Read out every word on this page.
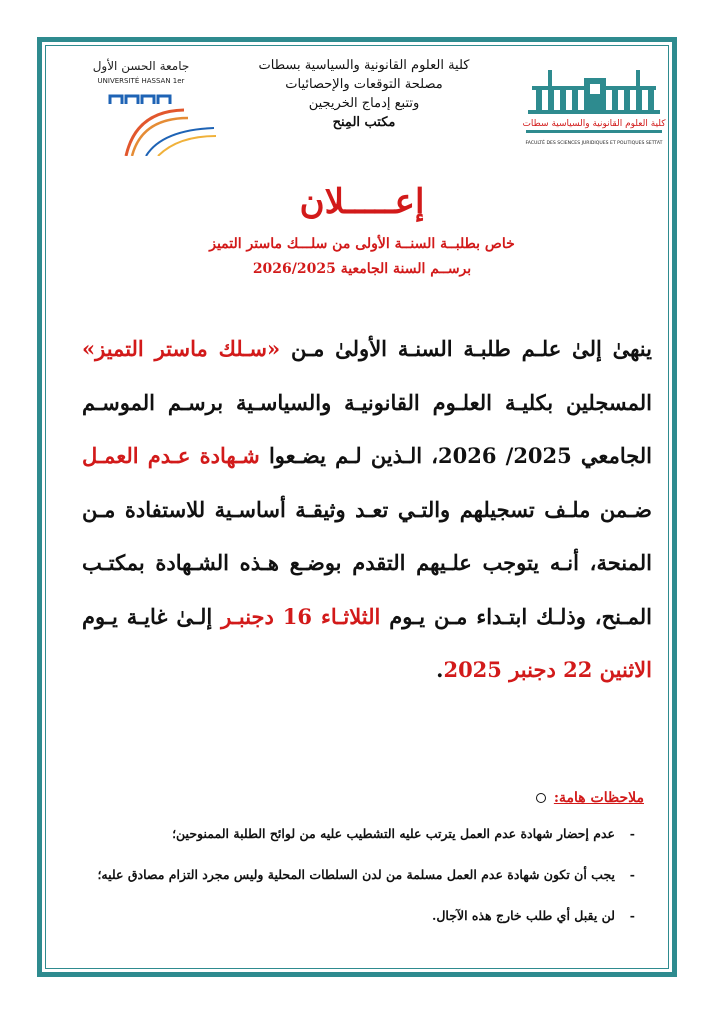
جامعة الحسن الأول
UNIVERSITÉ HASSAN 1er
كلية العلوم القانونية والسياسية بسطات
مصلحة التوقعات والإحصائيات
وتتبع إدماج الخريجين
مكتب المِنح	كلية العلوم القانونية والسياسية سطات
FACULTÉ DES SCIENCES JURIDIQUES ET POLITIQUES SETTAT
إعـــــلان
خاص بطلبــة السنــة الأولى من سلـــك ماستر التميز
برســم السنة الجامعية 2026/2025
ينهىٰ إلىٰ علـم طلبـة السنـة الأولىٰ مـن «سـلك ماستر التميز»
المسجلين بكليـة العلـوم القانونيـة والسياسـية برسـم الموسـم
الجامعي 2025/ 2026، الـذين لـم يضـعوا شـهادة عـدم العمـل
ضـمن ملـف تسجيلهم والتـي تعـد وثيقـة أساسـية للاستفادة مـن
المنحة، أنـه يتوجب علـيهم التقدم بوضـع هـذه الشـهادة بمكتـب
المـنح، وذلـك ابتـداء مـن يـوم الثلاثـاء 16 دجنبـر إلـىٰ غايـة يـوم
الاثنين 22 دجنبر 2025.
ملاحظات هامة:
-
عدم إحضار شهادة عدم العمل يترتب عليه التشطيب عليه من لوائح الطلبة الممنوحين؛
-
يجب أن تكون شهادة عدم العمل مسلمة من لدن السلطات المحلية وليس مجرد التزام مصادق عليه؛
-
لن يقبل أي طلب خارج هذه الآجال.
